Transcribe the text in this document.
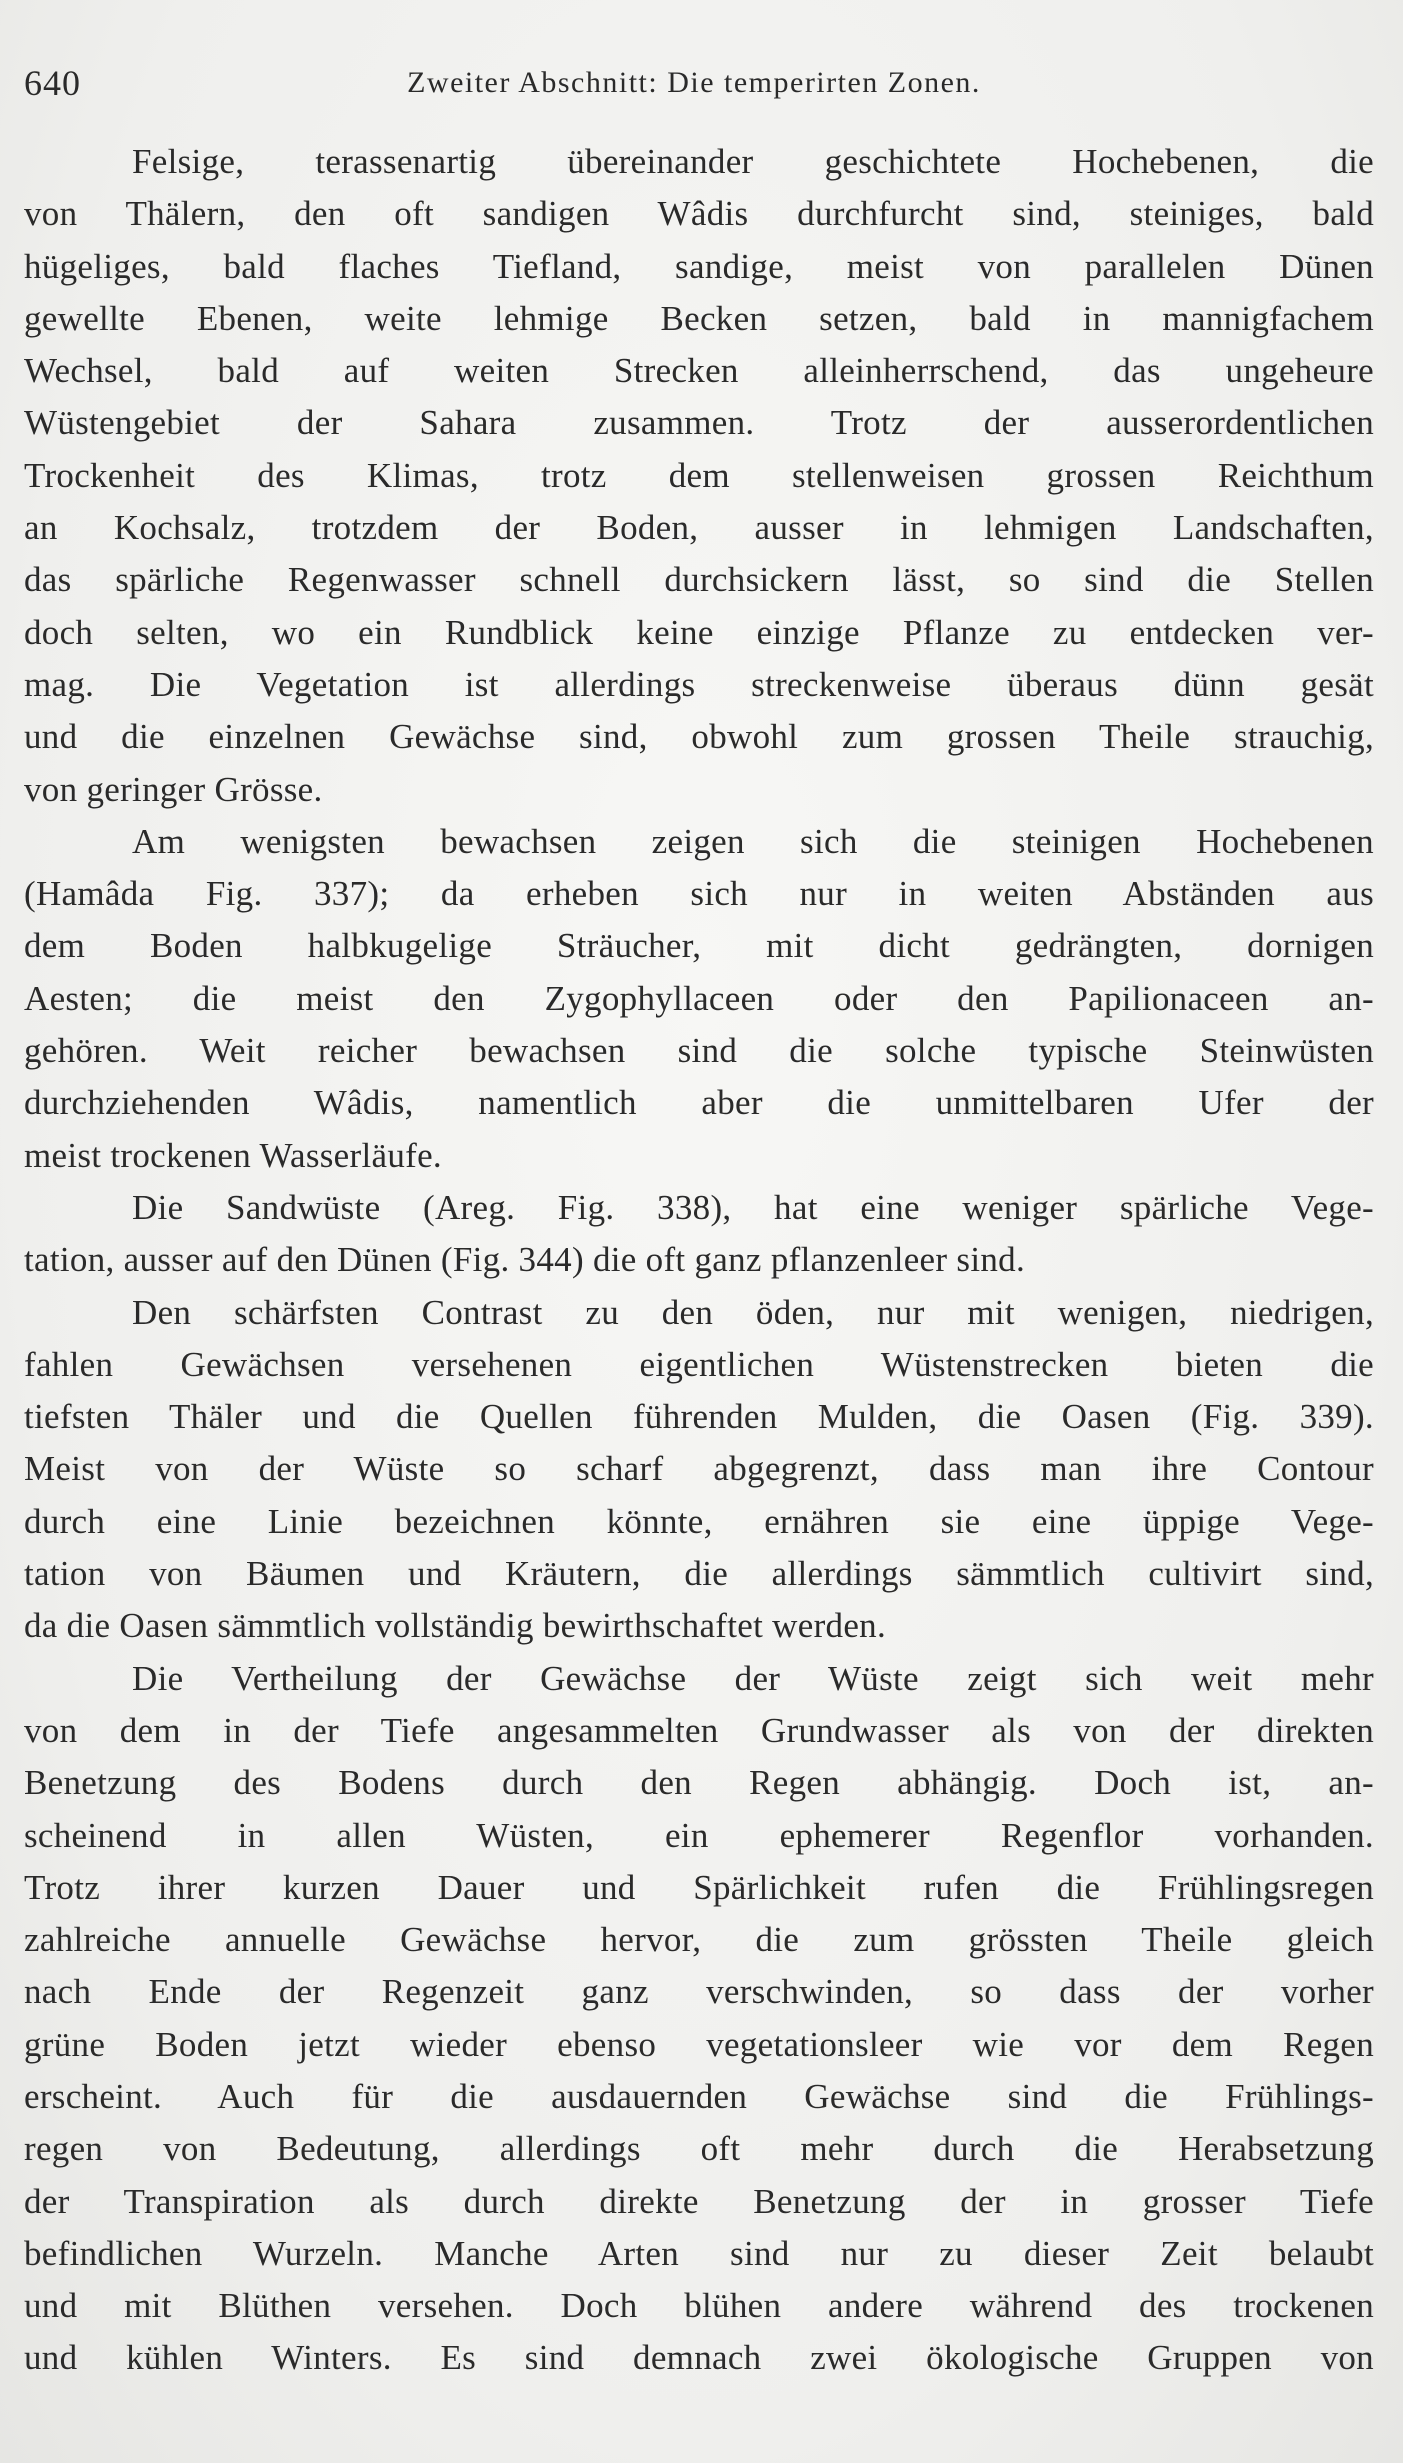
640	Zweiter Abschnitt: Die temperirten Zonen.
Felsige, terassenartig übereinander geschichtete Hochebenen, die
von Thälern, den oft sandigen Wâdis durchfurcht sind, steiniges, bald
hügeliges, bald flaches Tiefland, sandige, meist von parallelen Dünen
gewellte Ebenen, weite lehmige Becken setzen, bald in mannigfachem
Wechsel, bald auf weiten Strecken alleinherrschend, das ungeheure
Wüstengebiet der Sahara zusammen. Trotz der ausserordentlichen
Trockenheit des Klimas, trotz dem stellenweisen grossen Reichthum
an Kochsalz, trotzdem der Boden, ausser in lehmigen Landschaften,
das spärliche Regenwasser schnell durchsickern lässt, so sind die Stellen
doch selten, wo ein Rundblick keine einzige Pflanze zu entdecken ver-
mag. Die Vegetation ist allerdings streckenweise überaus dünn gesät
und die einzelnen Gewächse sind, obwohl zum grossen Theile strauchig,
von geringer Grösse.
Am wenigsten bewachsen zeigen sich die steinigen Hochebenen
(Hamâda Fig. 337); da erheben sich nur in weiten Abständen aus
dem Boden halbkugelige Sträucher, mit dicht gedrängten, dornigen
Aesten; die meist den Zygophyllaceen oder den Papilionaceen an-
gehören. Weit reicher bewachsen sind die solche typische Steinwüsten
durchziehenden Wâdis, namentlich aber die unmittelbaren Ufer der
meist trockenen Wasserläufe.
Die Sandwüste (Areg. Fig. 338), hat eine weniger spärliche Vege-
tation, ausser auf den Dünen (Fig. 344) die oft ganz pflanzenleer sind.
Den schärfsten Contrast zu den öden, nur mit wenigen, niedrigen,
fahlen Gewächsen versehenen eigentlichen Wüstenstrecken bieten die
tiefsten Thäler und die Quellen führenden Mulden, die Oasen (Fig. 339).
Meist von der Wüste so scharf abgegrenzt, dass man ihre Contour
durch eine Linie bezeichnen könnte, ernähren sie eine üppige Vege-
tation von Bäumen und Kräutern, die allerdings sämmtlich cultivirt sind,
da die Oasen sämmtlich vollständig bewirthschaftet werden.
Die Vertheilung der Gewächse der Wüste zeigt sich weit mehr
von dem in der Tiefe angesammelten Grundwasser als von der direkten
Benetzung des Bodens durch den Regen abhängig. Doch ist, an-
scheinend in allen Wüsten, ein ephemerer Regenflor vorhanden.
Trotz ihrer kurzen Dauer und Spärlichkeit rufen die Frühlingsregen
zahlreiche annuelle Gewächse hervor, die zum grössten Theile gleich
nach Ende der Regenzeit ganz verschwinden, so dass der vorher
grüne Boden jetzt wieder ebenso vegetationsleer wie vor dem Regen
erscheint. Auch für die ausdauernden Gewächse sind die Frühlings-
regen von Bedeutung, allerdings oft mehr durch die Herabsetzung
der Transpiration als durch direkte Benetzung der in grosser Tiefe
befindlichen Wurzeln. Manche Arten sind nur zu dieser Zeit belaubt
und mit Blüthen versehen. Doch blühen andere während des trockenen
und kühlen Winters. Es sind demnach zwei ökologische Gruppen von
